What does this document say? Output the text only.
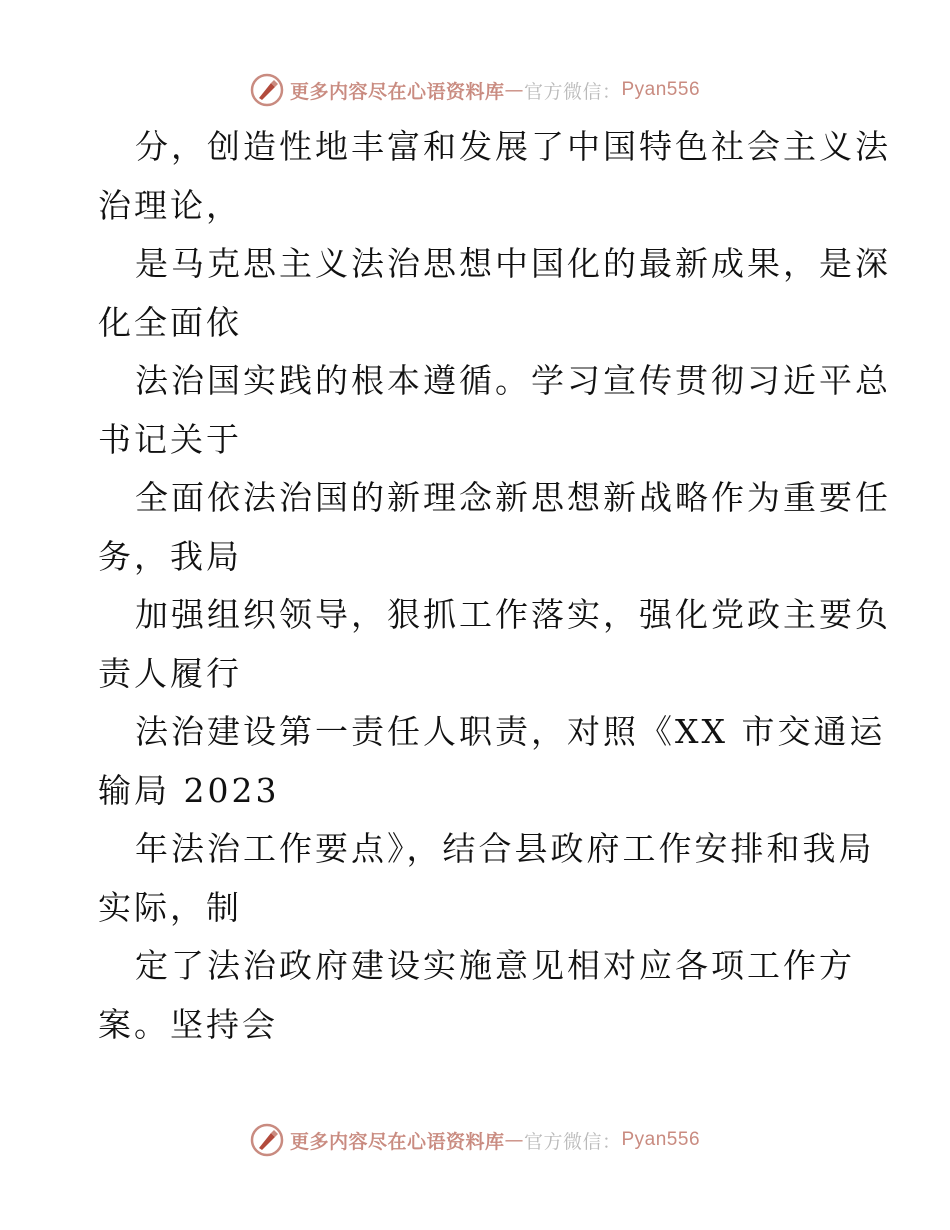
更多内容尽在心语资料库 — 官方微信： Pyan556
分，创造性地丰富和发展了中国特色社会主义法
治理论，
是马克思主义法治思想中国化的最新成果，是深
化全面依
法治国实践的根本遵循。学习宣传贯彻习近平总
书记关于
全面依法治国的新理念新思想新战略作为重要任
务，我局
加强组织领导，狠抓工作落实，强化党政主要负
责人履行
法治建设第一责任人职责，对照《XX 市交通运
输局 2023
年法治工作要点》，结合县政府工作安排和我局
实际，制
定了法治政府建设实施意见相对应各项工作方
案。坚持会
更多内容尽在心语资料库 — 官方微信： Pyan556
